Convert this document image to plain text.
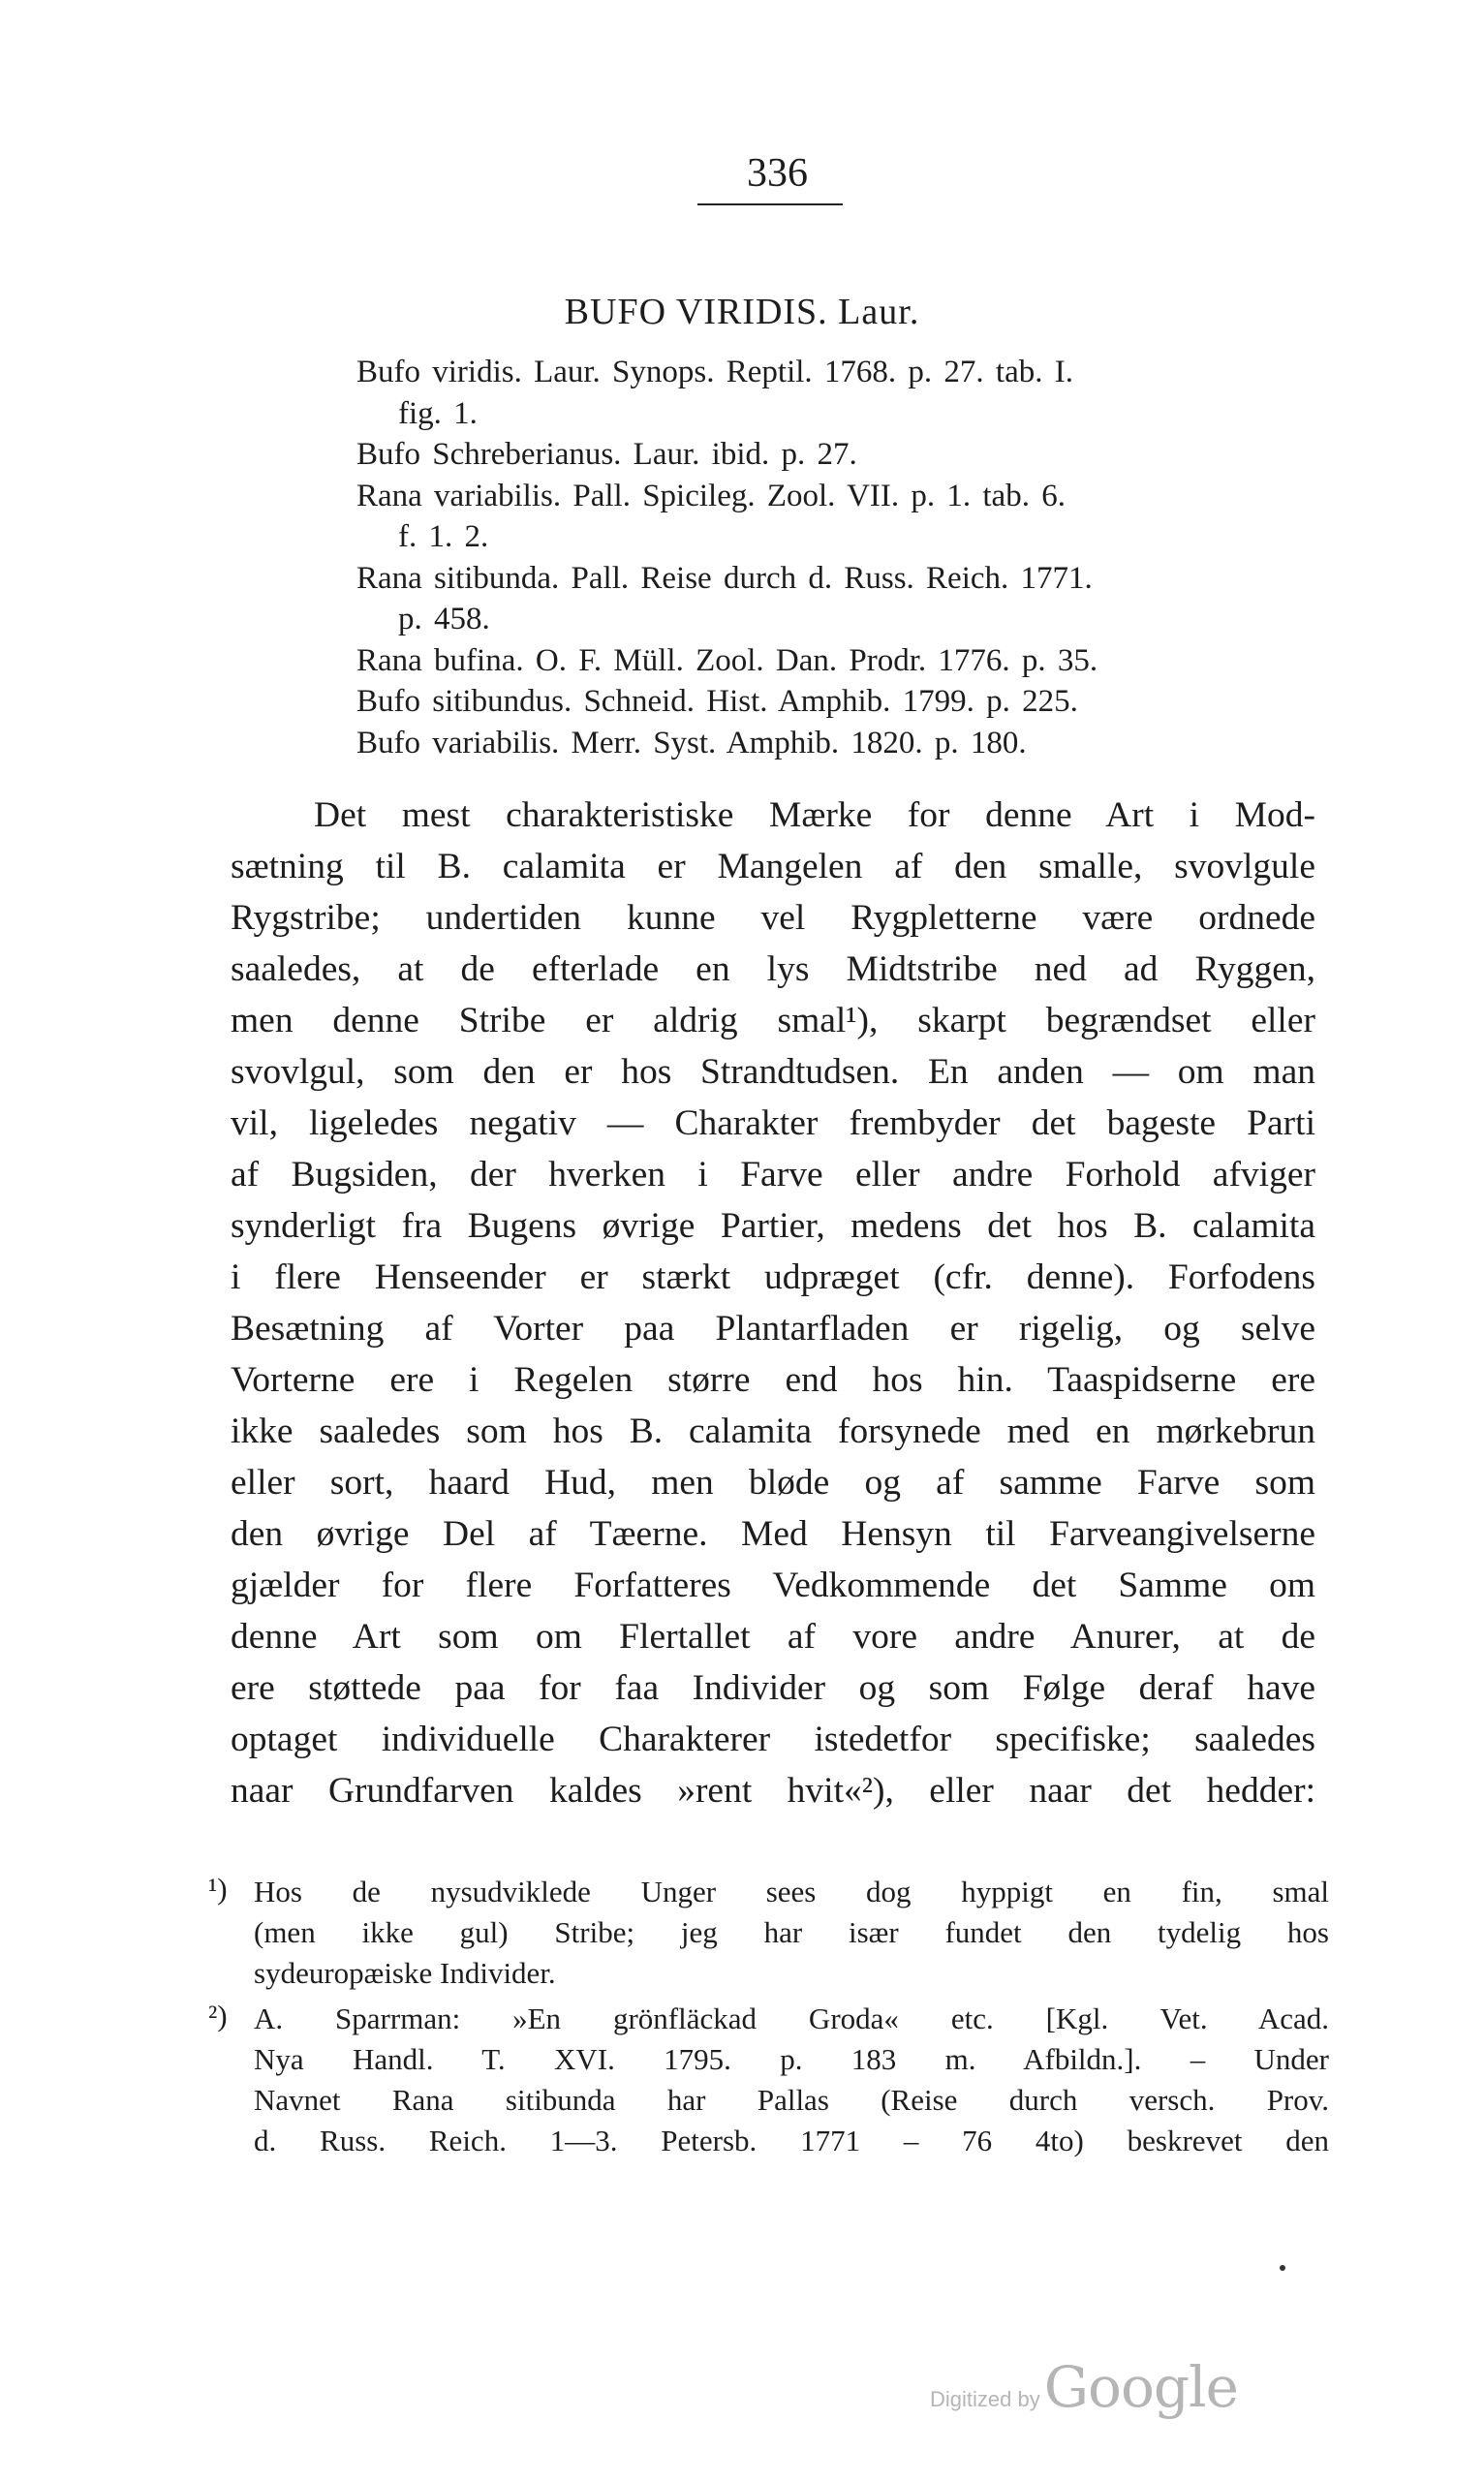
336
BUFO VIRIDIS. Laur.
Bufo viridis. Laur. Synops. Reptil. 1768. p. 27. tab. I.
fig. 1.
Bufo Schreberianus. Laur. ibid. p. 27.
Rana variabilis. Pall. Spicileg. Zool. VII. p. 1. tab. 6.
f. 1. 2.
Rana sitibunda. Pall. Reise durch d. Russ. Reich. 1771.
p. 458.
Rana bufina. O. F. Müll. Zool. Dan. Prodr. 1776. p. 35.
Bufo sitibundus. Schneid. Hist. Amphib. 1799. p. 225.
Bufo variabilis. Merr. Syst. Amphib. 1820. p. 180.
Det mest charakteristiske Mærke for denne Art i Mod-
sætning til B. calamita er Mangelen af den smalle, svovlgule
Rygstribe; undertiden kunne vel Rygpletterne være ordnede
saaledes, at de efterlade en lys Midtstribe ned ad Ryggen,
men denne Stribe er aldrig smal¹), skarpt begrændset eller
svovlgul, som den er hos Strandtudsen. En anden — om man
vil, ligeledes negativ — Charakter frembyder det bageste Parti
af Bugsiden, der hverken i Farve eller andre Forhold afviger
synderligt fra Bugens øvrige Partier, medens det hos B. calamita
i flere Henseender er stærkt udpræget (cfr. denne). Forfodens
Besætning af Vorter paa Plantarfladen er rigelig, og selve
Vorterne ere i Regelen større end hos hin. Taaspidserne ere
ikke saaledes som hos B. calamita forsynede med en mørkebrun
eller sort, haard Hud, men bløde og af samme Farve som
den øvrige Del af Tæerne. Med Hensyn til Farveangivelserne
gjælder for flere Forfatteres Vedkommende det Samme om
denne Art som om Flertallet af vore andre Anurer, at de
ere støttede paa for faa Individer og som Følge deraf have
optaget individuelle Charakterer istedetfor specifiske; saaledes
naar Grundfarven kaldes »rent hvit«²), eller naar det hedder:
¹) Hos de nysudviklede Unger sees dog hyppigt en fin, smal
(men ikke gul) Stribe; jeg har især fundet den tydelig hos
sydeuropæiske Individer.
²) A. Sparrman: »En grönfläckad Groda« etc. [Kgl. Vet. Acad.
Nya Handl. T. XVI. 1795. p. 183 m. Afbildn.]. – Under
Navnet Rana sitibunda har Pallas (Reise durch versch. Prov.
d. Russ. Reich. 1—3. Petersb. 1771 – 76 4to) beskrevet den
Digitized by Google
